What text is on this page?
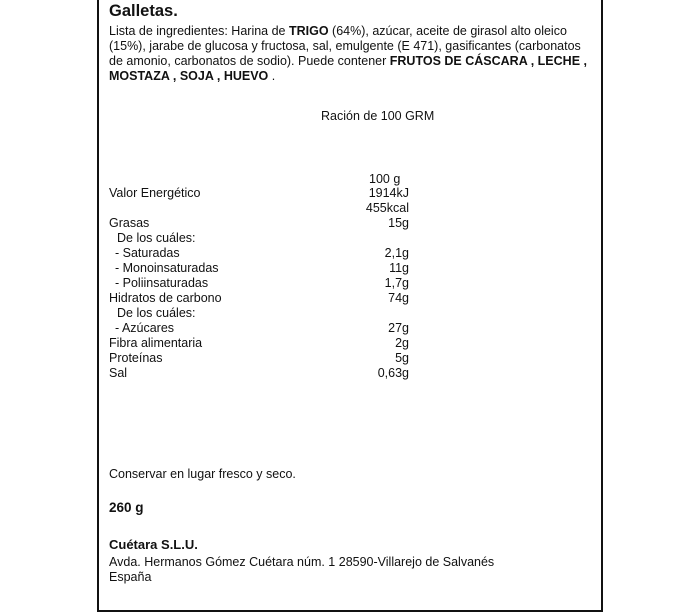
Galletas.
Lista de ingredientes: Harina de TRIGO (64%), azúcar, aceite de girasol alto oleico (15%), jarabe de glucosa y fructosa, sal, emulgente (E 471), gasificantes (carbonatos de amonio, carbonatos de sodio). Puede contener FRUTOS DE CÁSCARA , LECHE , MOSTAZA , SOJA , HUEVO .
Ración de 100 GRM
100 g
Valor Energético	1914kJ
455kcal
Grasas	15g
De los cuáles:
- Saturadas	2,1g
- Monoinsaturadas	11g
- Poliinsaturadas	1,7g
Hidratos de carbono	74g
De los cuáles:
- Azúcares	27g
Fibra alimentaria	2g
Proteínas	5g
Sal	0,63g
Conservar en lugar fresco y seco.
260 g
Cuétara S.L.U.
Avda. Hermanos Gómez Cuétara núm. 1 28590-Villarejo de Salvanés
España
